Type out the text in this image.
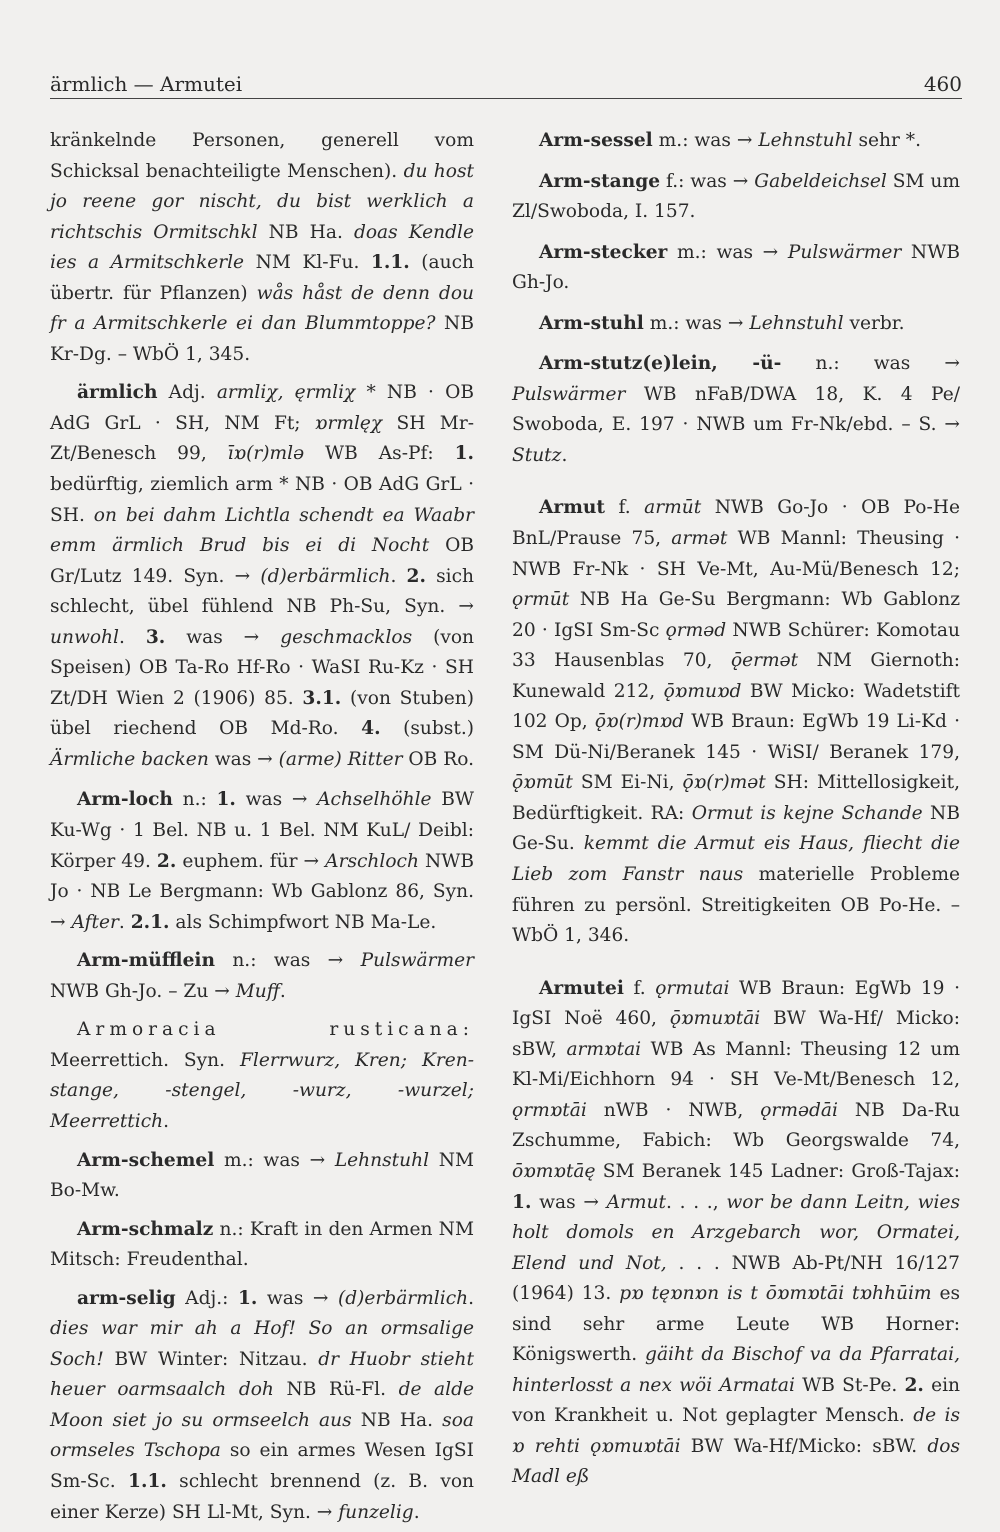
ärmlich — Armutei	460

kränkelnde Personen, generell vom Schicksal benachteiligte Menschen). du host jo reene gor nischt, du bist werklich a richtschis Ormitschkl NB Ha. doas Kendle ies a Armitschkerle NM Kl-Fu. 1.1. (auch übertr. für Pflanzen) wås håst de denn dou fr a Armitschkerle ei dan Blummtoppe? NB Kr-Dg. – WbÖ 1, 345.

ärmlich Adj. armliχ, ęrmliχ * NB · OB AdG GrL · SH, NM Ft; ɒrmlęχ SH Mr-Zt/Benesch 99, īɒ(r)mlə WB As-Pf: 1. bedürftig, ziemlich arm * NB · OB AdG GrL · SH. on bei dahm Lichtla schendt ea Waabr emm ärmlich Brud bis ei di Nocht OB Gr/Lutz 149. Syn. → (d)erbärmlich. 2. sich schlecht, übel fühlend NB Ph-Su, Syn. → unwohl. 3. was → geschmacklos (von Speisen) OB Ta-Ro Hf-Ro · WaSI Ru-Kz · SH Zt/DH Wien 2 (1906) 85. 3.1. (von Stuben) übel riechend OB Md-Ro. 4. (subst.) Ärmliche backen was → (arme) Ritter OB Ro.

Arm-loch n.: 1. was → Achselhöhle BW Ku-Wg · 1 Bel. NB u. 1 Bel. NM KuL/ Deibl: Körper 49. 2. euphem. für → Arschloch NWB Jo · NB Le Bergmann: Wb Gablonz 86, Syn. → After. 2.1. als Schimpfwort NB Ma-Le.

Arm-müfflein n.: was → Pulswärmer NWB Gh-Jo. – Zu → Muff.

Armoracia rusticana: Meerrettich. Syn. Flerrwurz, Kren; Kren-stange, -stengel, -wurz, -wurzel; Meerrettich.

Arm-schemel m.: was → Lehnstuhl NM Bo-Mw.

Arm-schmalz n.: Kraft in den Armen NM Mitsch: Freudenthal.

arm-selig Adj.: 1. was → (d)erbärmlich. dies war mir ah a Hof! So an ormsalige Soch! BW Winter: Nitzau. dr Huobr stieht heuer oarmsaalch doh NB Rü-Fl. de alde Moon siet jo su ormseelch aus NB Ha. soa ormseles Tschopa so ein armes Wesen IgSI Sm-Sc. 1.1. schlecht brennend (z. B. von einer Kerze) SH Ll-Mt, Syn. → funzelig.

Arm-sessel m.: was → Lehnstuhl sehr *.

Arm-stange f.: was → Gabeldeichsel SM um Zl/Swoboda, I. 157.

Arm-stecker m.: was → Pulswärmer NWB Gh-Jo.

Arm-stuhl m.: was → Lehnstuhl verbr.

Arm-stutz(e)lein, -ü- n.: was → Pulswärmer WB nFaB/DWA 18, K. 4 Pe/ Swoboda, E. 197 · NWB um Fr-Nk/ebd. – S. → Stutz.

Armut f. armūt NWB Go-Jo · OB Po-He BnL/Prause 75, armət WB Mannl: Theusing · NWB Fr-Nk · SH Ve-Mt, Au-Mü/Benesch 12; ǫrmūt NB Ha Ge-Su Bergmann: Wb Gablonz 20 · IgSI Sm-Sc ǫrməd NWB Schürer: Komotau 33 Hausenblas 70, ǭermət NM Giernoth: Kunewald 212, ǭɒmuɒd BW Micko: Wadetstift 102 Op, ǭɒ(r)mɒd WB Braun: EgWb 19 Li-Kd · SM Dü-Ni/Beranek 145 · WiSI/ Beranek 179, ǭɒmūt SM Ei-Ni, ǭɒ(r)mət SH: Mittellosigkeit, Bedürftigkeit. RA: Ormut is kejne Schande NB Ge-Su. kemmt die Armut eis Haus, fliecht die Lieb zom Fanstr naus materielle Probleme führen zu persönl. Streitigkeiten OB Po-He. – WbÖ 1, 346.

Armutei f. ǫrmutai WB Braun: EgWb 19 · IgSI Noë 460, ǭɒmuɒtāi BW Wa-Hf/ Micko: sBW, armɒtai WB As Mannl: Theusing 12 um Kl-Mi/Eichhorn 94 · SH Ve-Mt/Benesch 12, ǫrmɒtāi nWB · NWB, ǫrmədāi NB Da-Ru Zschumme, Fabich: Wb Georgswalde 74, ōɒmɒtāę SM Beranek 145 Ladner: Groß-Tajax: 1. was → Armut. . . ., wor be dann Leitn, wies holt domols en Arzgebarch wor, Ormatei, Elend und Not, . . . NWB Ab-Pt/NH 16/127 (1964) 13. pɒ tęɒnɒn is t ōɒmɒtāi tɒhhūim es sind sehr arme Leute WB Horner: Königswerth. gäiht da Bischof va da Pfarratai, hinterlosst a nex wöi Armatai WB St-Pe. 2. ein von Krankheit u. Not geplagter Mensch. de is ɒ rehti ǫɒmuɒtāi BW Wa-Hf/Micko: sBW. dos Madl eß
